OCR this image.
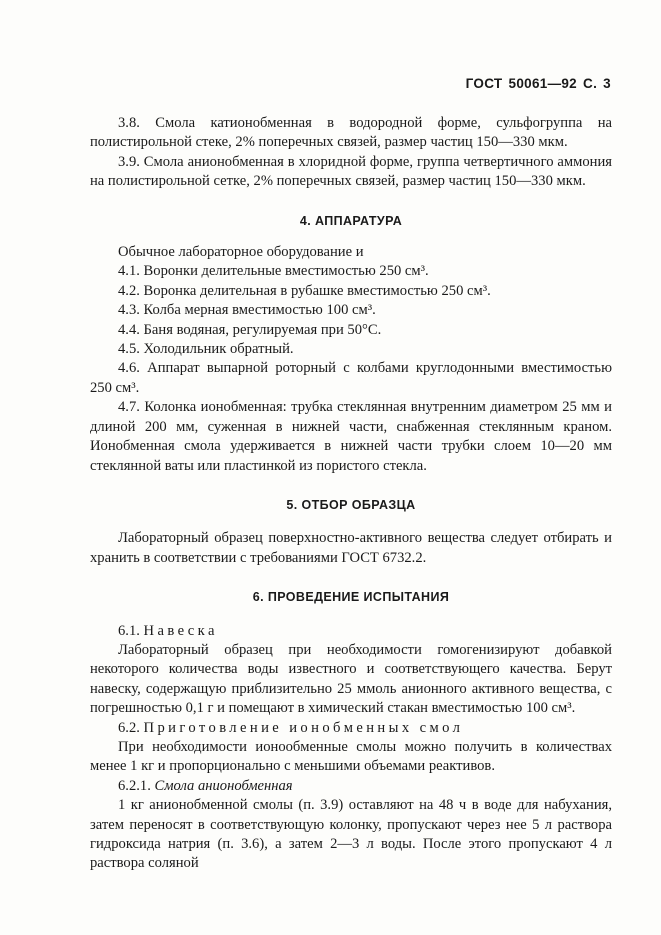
ГОСТ 50061—92 С. 3

3.8. Смола катионобменная в водородной форме, сульфогруппа на полистирольной стеке, 2% поперечных связей, размер частиц 150—330 мкм.

3.9. Смола анионобменная в хлоридной форме, группа четвертичного аммония на полистирольной сетке, 2% поперечных связей, размер частиц 150—330 мкм.

4. АППАРАТУРА
Обычное лабораторное оборудование и
4.1. Воронки делительные вместимостью 250 см³.
4.2. Воронка делительная в рубашке вместимостью 250 см³.
4.3. Колба мерная вместимостью 100 см³.
4.4. Баня водяная, регулируемая при 50°С.
4.5. Холодильник обратный.

4.6. Аппарат выпарной роторный с колбами круглодонными вместимостью 250 см³.

4.7. Колонка ионобменная: трубка стеклянная внутренним диаметром 25 мм и длиной 200 мм, суженная в нижней части, снабженная стеклянным краном. Ионобменная смола удерживается в нижней части трубки слоем 10—20 мм стеклянной ваты или пластинкой из пористого стекла.

5. ОТБОР ОБРАЗЦА

Лабораторный образец поверхностно-активного вещества следует отбирать и хранить в соответствии с требованиями ГОСТ 6732.2.

6. ПРОВЕДЕНИЕ ИСПЫТАНИЯ
6.1. Навеска

Лабораторный образец при необходимости гомогенизируют добавкой некоторого количества воды известного и соответствующего качества. Берут навеску, содержащую приблизительно 25 ммоль анионного активного вещества, с погрешностью 0,1 г и помещают в химический стакан вместимостью 100 см³.

6.2. Приготовление ионобменных смол

При необходимости ионообменные смолы можно получить в количествах менее 1 кг и пропорционально с меньшими объемами реактивов.

6.2.1. Смола анионобменная

1 кг анионобменной смолы (п. 3.9) оставляют на 48 ч в воде для набухания, затем переносят в соответствующую колонку, пропускают через нее 5 л раствора гидроксида натрия (п. 3.6), а затем 2—3 л воды. После этого пропускают 4 л раствора соляной
